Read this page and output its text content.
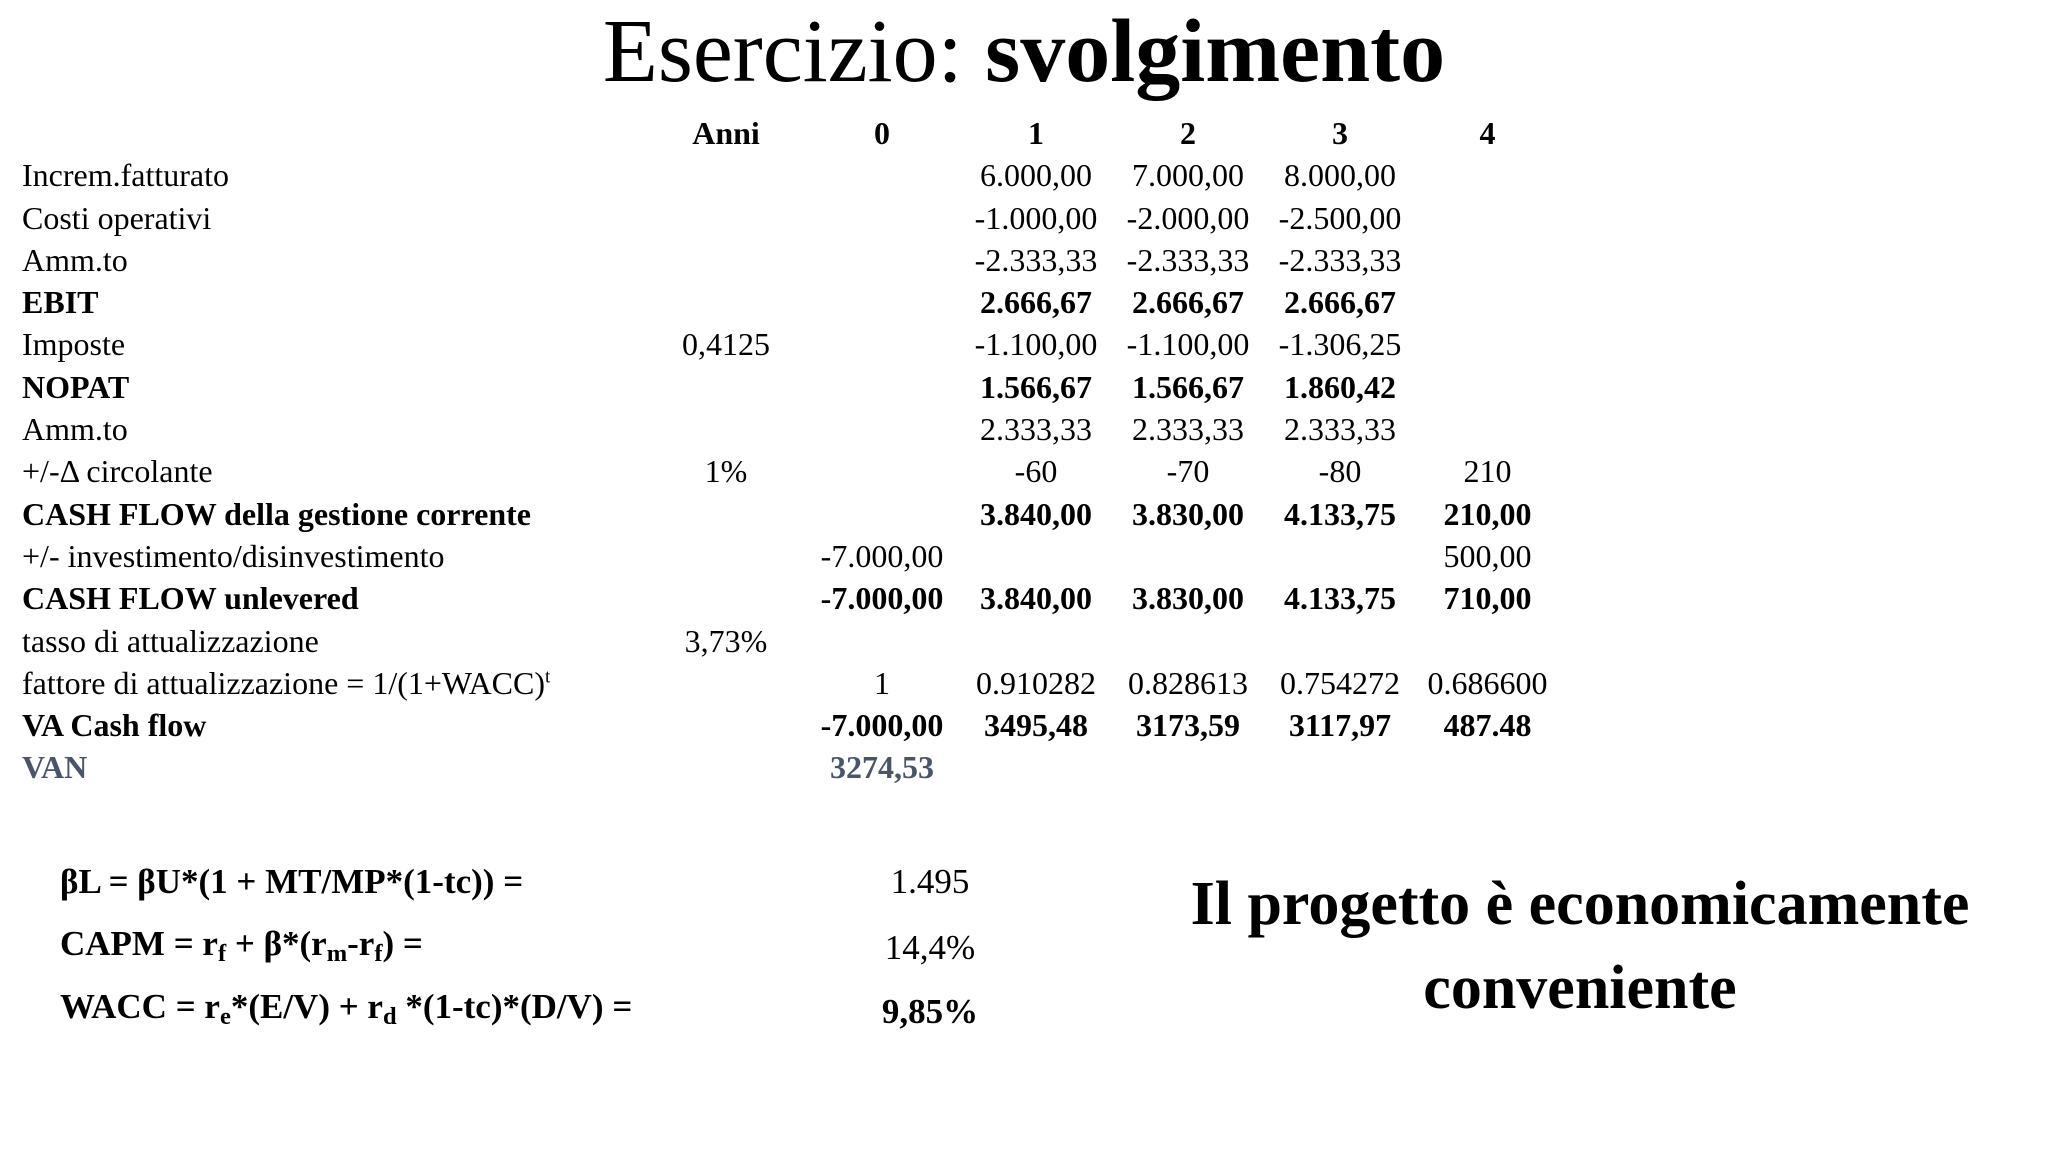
Esercizio: svolgimento
	Anni	0	1	2	3	4
Increm.fatturato			6.000,00	7.000,00	8.000,00	
Costi operativi			-1.000,00	-2.000,00	-2.500,00	
Amm.to			-2.333,33	-2.333,33	-2.333,33	
EBIT			2.666,67	2.666,67	2.666,67	
Imposte	0,4125		-1.100,00	-1.100,00	-1.306,25	
NOPAT			1.566,67	1.566,67	1.860,42	
Amm.to			2.333,33	2.333,33	2.333,33	
+/-Δ circolante	1%		-60	-70	-80	210
CASH FLOW della gestione corrente			3.840,00	3.830,00	4.133,75	210,00
+/- investimento/disinvestimento		-7.000,00				500,00
CASH FLOW unlevered		-7.000,00	3.840,00	3.830,00	4.133,75	710,00
tasso di attualizzazione	3,73%					
fattore di attualizzazione = 1/(1+WACC)$^t$		1	0.910282	0.828613	0.754272	0.686600
VA Cash flow		-7.000,00	3495,48	3173,59	3117,97	487.48
VAN		3274,53				
βL = βU*(1 + MT/MP*(1-tc)) =	1.495
CAPM = $r_f + \beta*(r_m-r_f)$ =	14,4%
WACC = $r_e*(E/V) + r_d$ *(1-tc)*(D/V) =	9,85%
Il progetto è economicamente
conveniente
